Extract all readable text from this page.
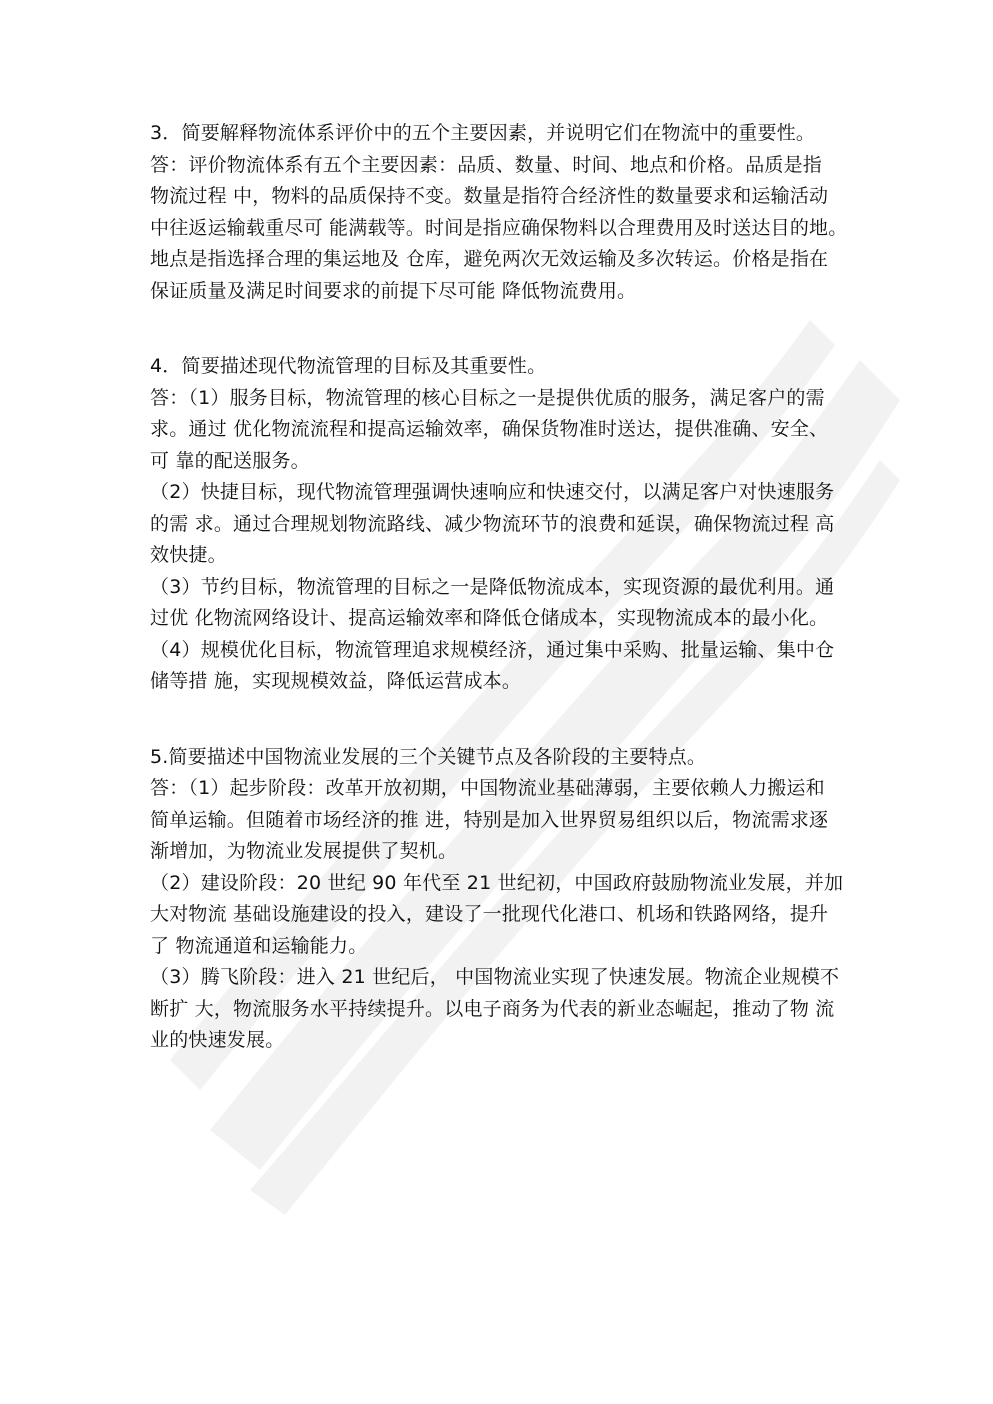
3．简要解释物流体系评价中的五个主要因素，并说明它们在物流中的重要性。
答：评价物流体系有五个主要因素：品质、数量、时间、地点和价格。品质是指
物流过程 中，物料的品质保持不变。数量是指符合经济性的数量要求和运输活动
中往返运输载重尽可 能满载等。时间是指应确保物料以合理费用及时送达目的地。
地点是指选择合理的集运地及 仓库，避免两次无效运输及多次转运。价格是指在
保证质量及满足时间要求的前提下尽可能 降低物流费用。
4．简要描述现代物流管理的目标及其重要性。
答：（1）服务目标，物流管理的核心目标之一是提供优质的服务，满足客户的需
求。通过 优化物流流程和提高运输效率，确保货物准时送达，提供准确、安全、
可 靠的配送服务。
（2）快捷目标，现代物流管理强调快速响应和快速交付，以满足客户对快速服务
的需 求。通过合理规划物流路线、减少物流环节的浪费和延误，确保物流过程 高
效快捷。
（3）节约目标，物流管理的目标之一是降低物流成本，实现资源的最优利用。通
过优 化物流网络设计、提高运输效率和降低仓储成本，实现物流成本的最小化。
（4）规模优化目标，物流管理追求规模经济，通过集中采购、批量运输、集中仓
储等措 施，实现规模效益，降低运营成本。
5.简要描述中国物流业发展的三个关键节点及各阶段的主要特点。
答：（1）起步阶段：改革开放初期，中国物流业基础薄弱，主要依赖人力搬运和
简单运输。但随着市场经济的推 进，特别是加入世界贸易组织以后，物流需求逐
渐增加，为物流业发展提供了契机。
（2）建设阶段：20 世纪 90 年代至 21 世纪初，中国政府鼓励物流业发展，并加
大对物流 基础设施建设的投入，建设了一批现代化港口、机场和铁路网络，提升
了 物流通道和运输能力。
（3）腾飞阶段：进入 21 世纪后， 中国物流业实现了快速发展。物流企业规模不
断扩 大，物流服务水平持续提升。以电子商务为代表的新业态崛起，推动了物 流
业的快速发展。
